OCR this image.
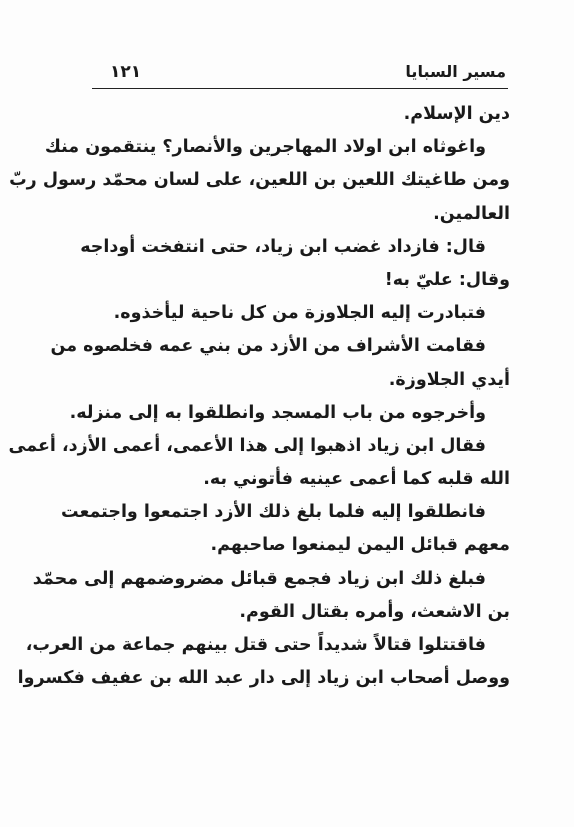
مسير السبايا
١٢١
دين الإسلام.
واغوثاه ابن اولاد المهاجرين والأنصار؟ ينتقمون منك
ومن طاغيتك اللعين بن اللعين، على لسان محمّد رسول ربّ
العالمين.
قال: فازداد غضب ابن زياد، حتى انتفخت أوداجه
وقال: عليّ به!
فتبادرت إليه الجلاوزة من كل ناحية ليأخذوه.
فقامت الأشراف من الأزد من بني عمه فخلصوه من
أيدي الجلاوزة.
وأخرجوه من باب المسجد وانطلقوا به إلى منزله.
فقال ابن زياد اذهبوا إلى هذا الأعمى، أعمى الأزد، أعمى
الله قلبه كما أعمى عينيه فأتوني به.
فانطلقوا إليه فلما بلغ ذلك الأزد اجتمعوا واجتمعت
معهم قبائل اليمن ليمنعوا صاحبهم.
فبلغ ذلك ابن زياد فجمع قبائل مضروضمهم إلى محمّد
بن الاشعث، وأمره بقتال القوم.
فاقتتلوا قتالاً شديداً حتى قتل بينهم جماعة من العرب،
ووصل أصحاب ابن زياد إلى دار عبد الله بن عفيف فكسروا
